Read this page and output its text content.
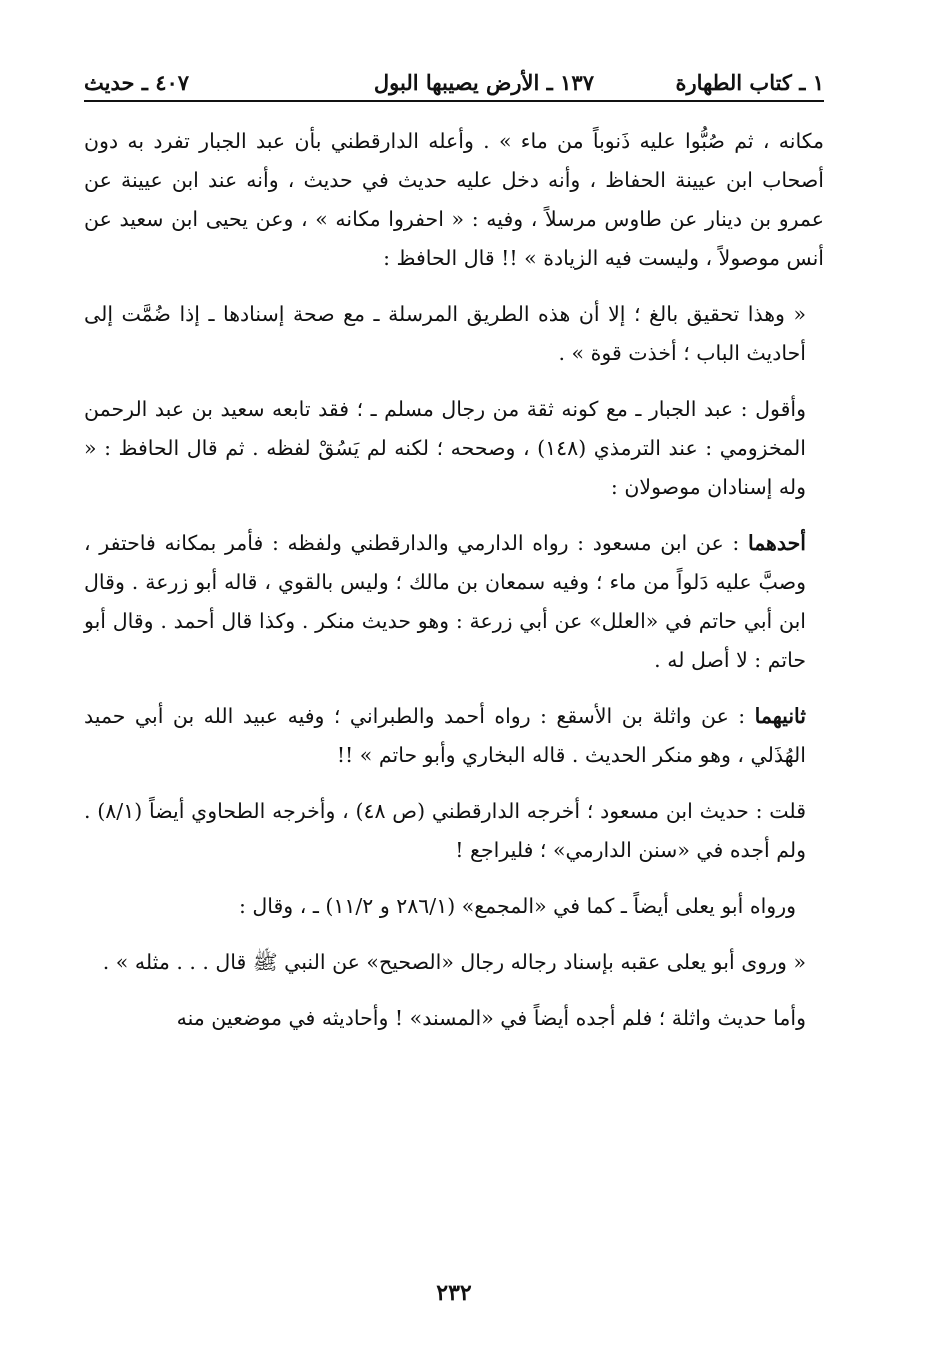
١ ـ كتاب الطهارة
١٣٧ ـ الأرض يصيبها البول
٤٠٧ ـ حديث

مكانه ، ثم صُبُّوا عليه ذَنوباً من ماء » . وأعله الدارقطني بأن عبد الجبار تفرد به دون أصحاب ابن عيينة الحفاظ ، وأنه دخل عليه حديث في حديث ، وأنه عند ابن عيينة عن عمرو بن دينار عن طاوس مرسلاً ، وفيه : « احفروا مكانه » ، وعن يحيى ابن سعيد عن أنس موصولاً ، وليست فيه الزيادة » !! قال الحافظ :

« وهذا تحقيق بالغ ؛ إلا أن هذه الطريق المرسلة ـ مع صحة إسنادها ـ إذا ضُمَّت إلى أحاديث الباب ؛ أخذت قوة » .

وأقول : عبد الجبار ـ مع كونه ثقة من رجال مسلم ـ ؛ فقد تابعه سعيد بن عبد الرحمن المخزومي : عند الترمذي (١٤٨) ، وصححه ؛ لكنه لم يَسُقْ لفظه . ثم قال الحافظ : « وله إسنادان موصولان :

أحدهما : عن ابن مسعود : رواه الدارمي والدارقطني ولفظه : فأمر بمكانه فاحتفر ، وصبَّ عليه دَلواً من ماء ؛ وفيه سمعان بن مالك ؛ وليس بالقوي ، قاله أبو زرعة . وقال ابن أبي حاتم في «العلل» عن أبي زرعة : وهو حديث منكر . وكذا قال أحمد . وقال أبو حاتم : لا أصل له .

ثانيهما : عن واثلة بن الأسقع : رواه أحمد والطبراني ؛ وفيه عبيد الله بن أبي حميد الهُذَلي ، وهو منكر الحديث . قاله البخاري وأبو حاتم » !!

قلت : حديث ابن مسعود ؛ أخرجه الدارقطني (ص ٤٨) ، وأخرجه الطحاوي أيضاً (٨/١) . ولم أجده في «سنن الدارمي» ؛ فليراجع !

ورواه أبو يعلى أيضاً ـ كما في «المجمع» (٢٨٦/١ و ١١/٢) ـ ، وقال :

« وروى أبو يعلى عقبه بإسناد رجاله رجال «الصحيح» عن النبي ﷺ قال . . . مثله » .

وأما حديث واثلة ؛ فلم أجده أيضاً في «المسند» ! وأحاديثه في موضعين منه

٢٣٢
